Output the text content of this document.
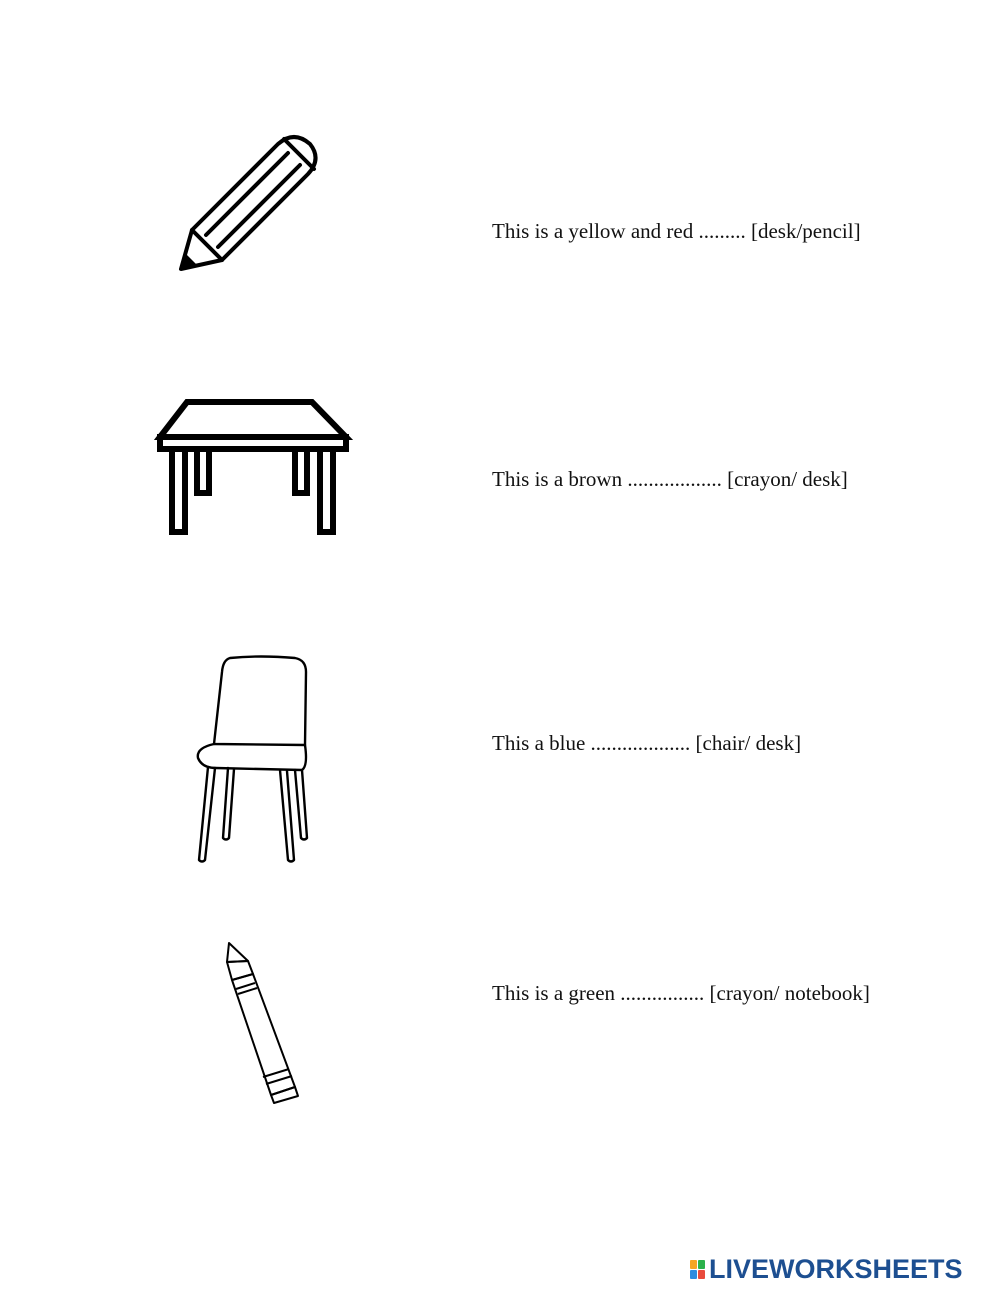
This is a yellow and red ......... [desk/pencil]
This is a brown .................. [crayon/ desk]
This a blue ................... [chair/ desk]
This is a green ................ [crayon/ notebook]
LIVEWORKSHEETS
